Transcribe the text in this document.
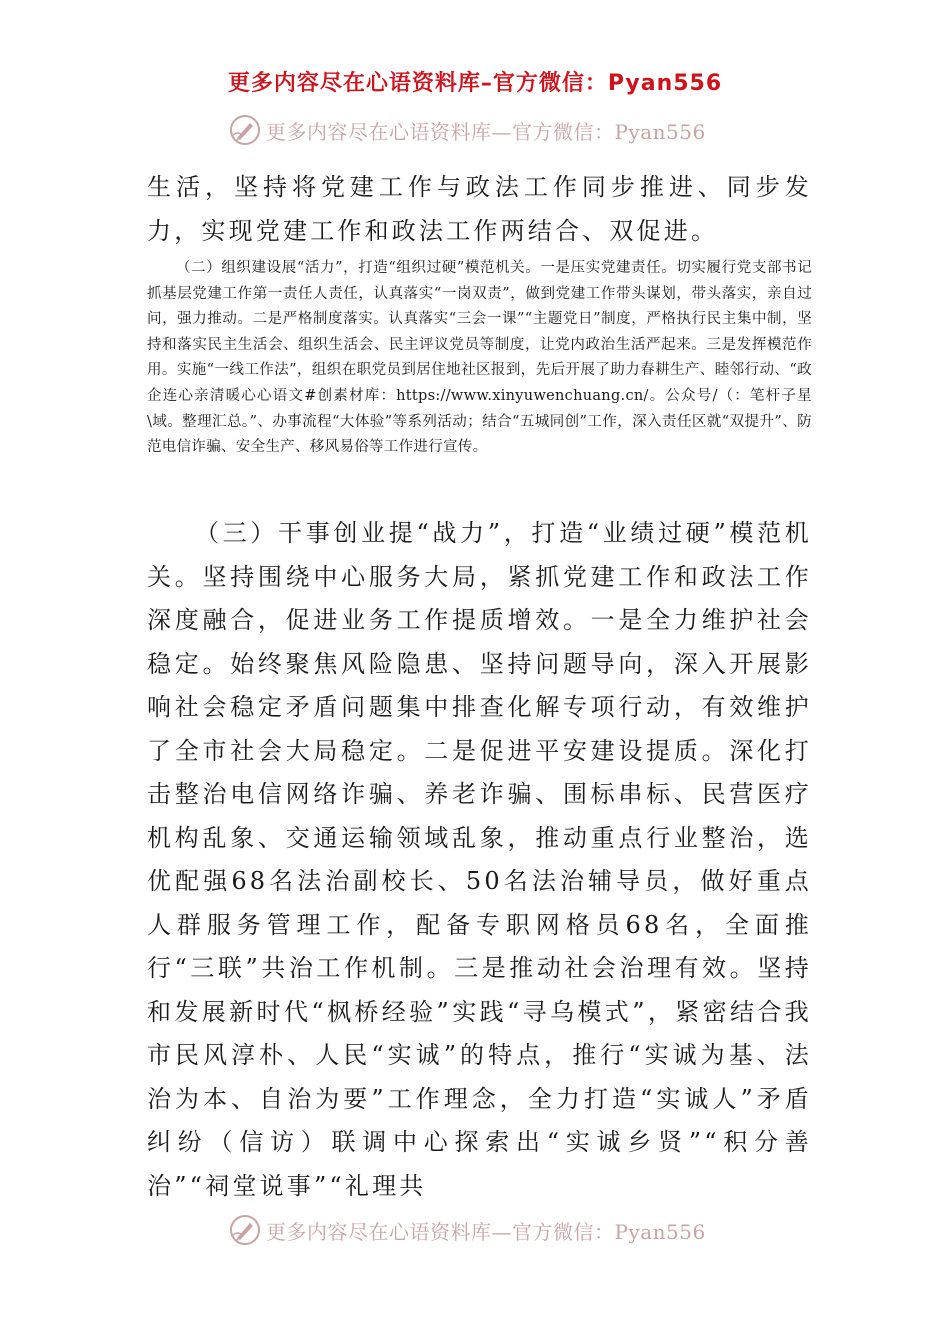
更多内容尽在心语资料库–官方微信：Pyan556
更多内容尽在心语资料库—官方微信：Pyan556

生活，坚持将党建工作与政法工作同步推进、同步发力，实现党建工作和政法工作两结合、双促进。

（二）组织建设展“活力”，打造“组织过硬”模范机关。一是压实党建责任。切实履行党支部书记抓基层党建工作第一责任人责任，认真落实“一岗双责”，做到党建工作带头谋划，带头落实，亲自过问，强力推动。二是严格制度落实。认真落实“三会一课”“主题党日”制度，严格执行民主集中制，坚持和落实民主生活会、组织生活会、民主评议党员等制度，让党内政治生活严起来。三是发挥模范作用。实施“一线工作法”，组织在职党员到居住地社区报到，先后开展了助力春耕生产、睦邻行动、“政企连心亲清暖心心语文#创素材库：https://www.xinyuwenchuang.cn/。公众号/（：笔杆子星\域。整理汇总。”、办事流程“大体验”等系列活动；结合“五城同创”工作，深入责任区就“双提升”、防范电信诈骗、安全生产、移风易俗等工作进行宣传。

（三）干事创业提“战力”，打造“业绩过硬”模范机关。坚持围绕中心服务大局，紧抓党建工作和政法工作深度融合，促进业务工作提质增效。一是全力维护社会稳定。始终聚焦风险隐患、坚持问题导向，深入开展影响社会稳定矛盾问题集中排查化解专项行动，有效维护了全市社会大局稳定。二是促进平安建设提质。深化打击整治电信网络诈骗、养老诈骗、围标串标、民营医疗机构乱象、交通运输领域乱象，推动重点行业整治，选优配强68名法治副校长、50名法治辅导员，做好重点人群服务管理工作，配备专职网格员68名，全面推行“三联”共治工作机制。三是推动社会治理有效。坚持和发展新时代“枫桥经验”实践“寻乌模式”，紧密结合我市民风淳朴、人民“实诚”的特点，推行“实诚为基、法治为本、自治为要”工作理念，全力打造“实诚人”矛盾纠纷（信访）联调中心探索出“实诚乡贤”“积分善治”“祠堂说事”“礼理共

更多内容尽在心语资料库—官方微信：Pyan556
